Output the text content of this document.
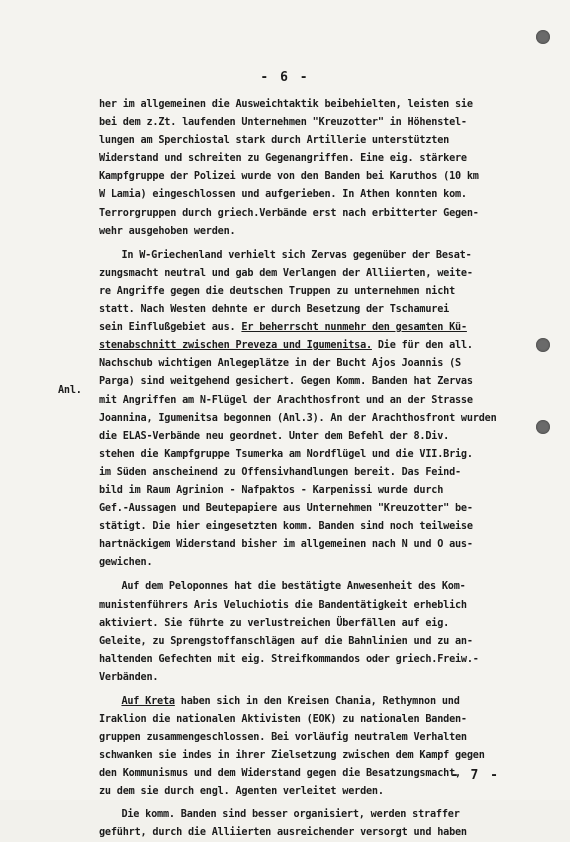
- 6 -
her im allgemeinen die Ausweichtaktik beibehielten, leisten sie
bei dem z.Zt. laufenden Unternehmen "Kreuzotter" in Höhenstel-
lungen am Sperchiostal stark durch Artillerie unterstützten
Widerstand und schreiten zu Gegenangriffen. Eine eig. stärkere
Kampfgruppe der Polizei wurde von den Banden bei Karuthos (10 km
W Lamia) eingeschlossen und aufgerieben. In Athen konnten kom.
Terrorgruppen durch griech.Verbände erst nach erbitterter Gegen-
wehr ausgehoben werden.
In W-Griechenland verhielt sich Zervas gegenüber der Besat-
zungsmacht neutral und gab dem Verlangen der Alliierten, weite-
re Angriffe gegen die deutschen Truppen zu unternehmen nicht
statt. Nach Westen dehnte er durch Besetzung der Tschamurei
sein Einflußgebiet aus. Er beherrscht nunmehr den gesamten Kü-
stenabschnitt zwischen Preveza und Igumenitsa. Die für den all.
Nachschub wichtigen Anlegeplätze in der Bucht Ajos Joannis (S
Parga) sind weitgehend gesichert. Gegen Komm. Banden hat Zervas
mit Angriffen am N-Flügel der Arachthosfront und an der Strasse
Joannina, Igumenitsa begonnen (Anl.3). An der Arachthosfront wurden
die ELAS-Verbände neu geordnet. Unter dem Befehl der 8.Div.
stehen die Kampfgruppe Tsumerka am Nordflügel und die VII.Brig.
im Süden anscheinend zu Offensivhandlungen bereit. Das Feind-
bild im Raum Agrinion - Nafpaktos - Karpenissi wurde durch
Gef.-Aussagen und Beutepapiere aus Unternehmen "Kreuzotter" be-
stätigt. Die hier eingesetzten komm. Banden sind noch teilweise
hartnäckigem Widerstand bisher im allgemeinen nach N und O aus-
gewichen.
Auf dem Peloponnes hat die bestätigte Anwesenheit des Kom-
munistenführers Aris Veluchiotis die Bandentätigkeit erheblich
aktiviert. Sie führte zu verlustreichen Überfällen auf eig.
Geleite, zu Sprengstoffanschlägen auf die Bahnlinien und zu an-
haltenden Gefechten mit eig. Streifkommandos oder griech.Freiw.-
Verbänden.
Auf Kreta haben sich in den Kreisen Chania, Rethymnon und
Iraklion die nationalen Aktivisten (EOK) zu nationalen Banden-
gruppen zusammengeschlossen. Bei vorläufig neutralem Verhalten
schwanken sie indes in ihrer Zielsetzung zwischen dem Kampf gegen
den Kommunismus und dem Widerstand gegen die Besatzungsmacht,
zu dem sie durch engl. Agenten verleitet werden.
Die komm. Banden sind besser organisiert, werden straffer
geführt, durch die Alliierten ausreichender versorgt und haben
Anl.
- 7 -
